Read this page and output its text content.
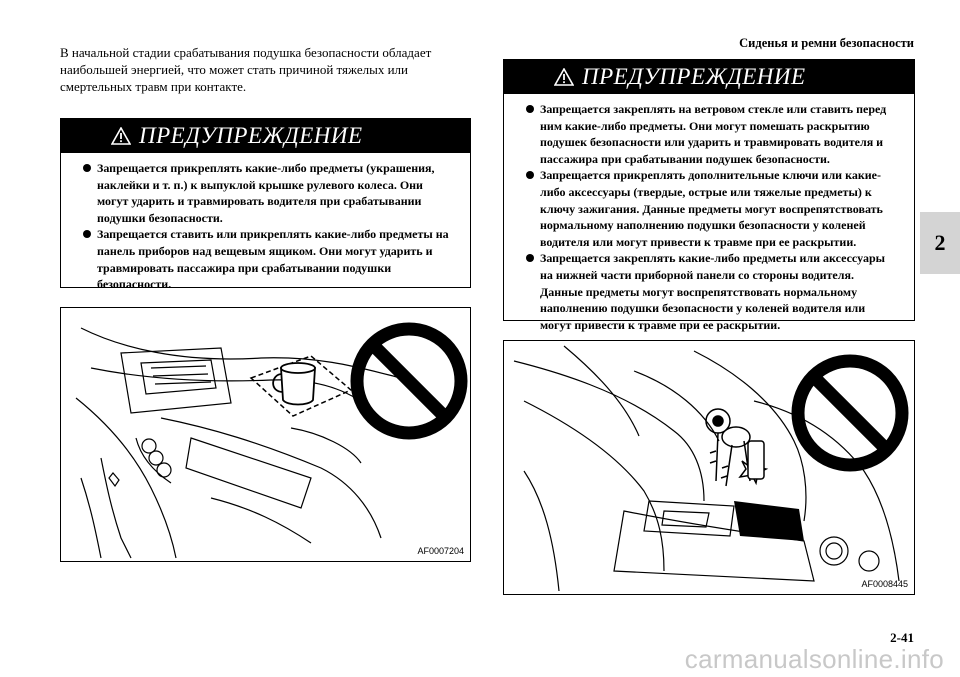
Сиденья и ремни безопасности
2
В начальной стадии срабатывания подушка безопасности обладает наибольшей энергией, что может стать причиной тяжелых или смертельных травм при контакте.
ПРЕДУПРЕЖДЕНИЕ
Запрещается прикреплять какие-либо предметы (украшения, наклейки и т. п.) к выпуклой крышке рулевого колеса. Они могут ударить и травмировать водителя при срабатывании подушки безопасности.
Запрещается ставить или прикреплять какие-либо предметы на панель приборов над вещевым ящиком. Они могут ударить и травмировать пассажира при срабатывании подушки безопасности.
ПРЕДУПРЕЖДЕНИЕ
Запрещается закреплять на ветровом стекле или ставить перед ним какие-либо предметы. Они могут помешать раскрытию подушек безопасности или ударить и травмировать водителя и пассажира при срабатывании подушек безопасности.
Запрещается прикреплять дополнительные ключи или какие-либо аксессуары (твердые, острые или тяжелые предметы) к ключу зажигания. Данные предметы могут воспрепятствовать нормальному наполнению подушки безопасности у коленей водителя или могут привести к травме при ее раскрытии.
Запрещается закреплять какие-либо предметы или аксессуары на нижней части приборной панели со стороны водителя. Данные предметы могут воспрепятствовать нормальному наполнению подушки безопасности у коленей водителя или могут привести к травме при ее раскрытии.
AF0007204
AF0008445
2-41
carmanualsonline.info
